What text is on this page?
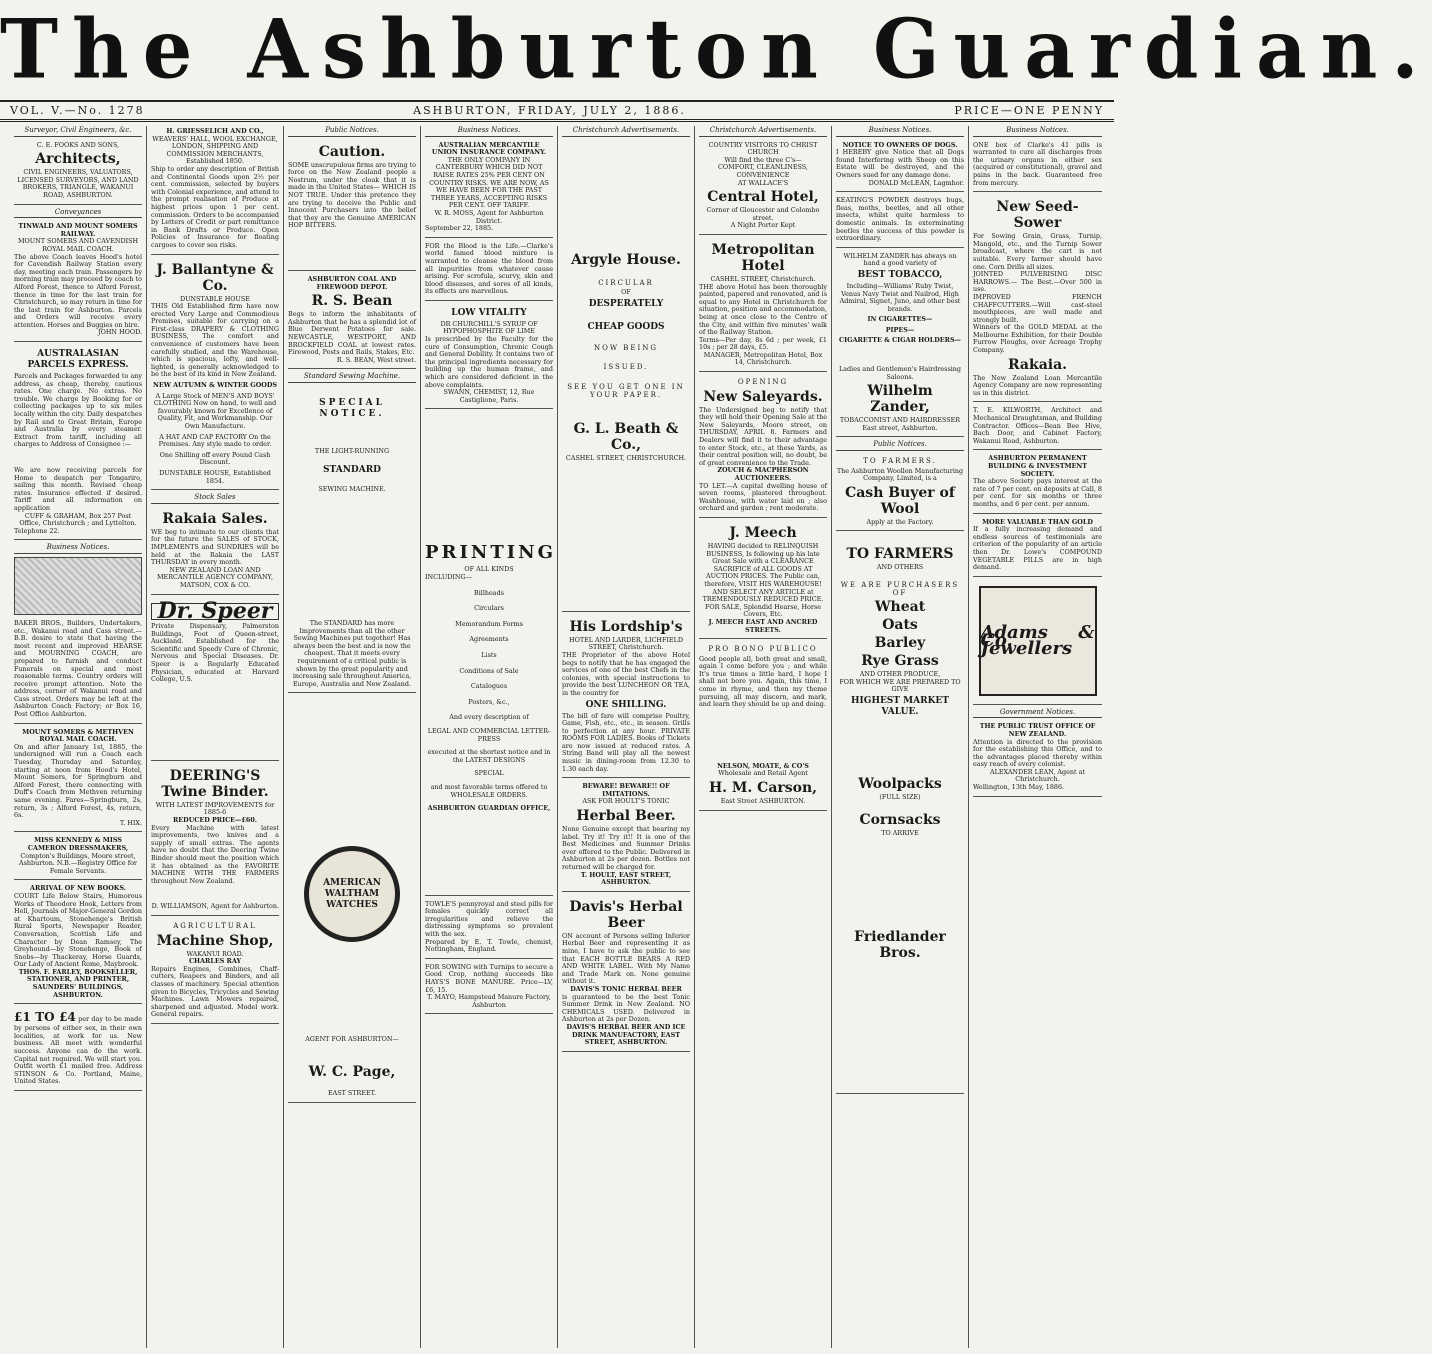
The Ashburton Guardian.
VOL. V.—No. 1278	ASHBURTON, FRIDAY, JULY 2, 1886.	PRICE—ONE PENNY
Surveyor, Civil Engineers, &c.
C. E. FOOKS AND SONS,
Architects,
CIVIL ENGINEERS, VALUATORS, LICENSED SURVEYORS, AND LAND BROKERS, TRIANGLE, WAKANUI ROAD, ASHBURTON.
Conveyances
TINWALD AND MOUNT SOMERS RAILWAY.
MOUNT SOMERS AND CAVENDISH ROYAL MAIL COACH.

The above Coach leaves Hood's hotel for Cavendish Railway Station every day, meeting each train. Passengers by morning train may proceed by coach to Alford Forest, thence to Alford Forest, thence in time for the last train for Christchurch, so may return in time for the last train for Ashburton. Parcels and Orders will receive every attention. Horses and Buggies on hire.

JOHN HOOD.
AUSTRALASIAN PARCELS EXPRESS.

Parcels and Packages forwarded to any address, as cheap, thereby, cautious rates. One charge. No extras. No trouble. We charge by Booking for or collecting packages up to six miles locally within the city. Daily despatches by Rail and to Great Britain, Europe and Australia by every steamer. Extract from tariff, including all charges to Address of Consignee :—

We are now receiving parcels for Home to despatch per Tongariro, sailing this month. Revised cheap rates. Insurance effected if desired. Tariff and all information on application

CUFF & GRAHAM, Box 257 Post Office, Christchurch ; and Lyttelton.
Telephone 22.
Business Notices.

BAKER BROS., Builders, Undertakers, etc., Wakanui road and Cass street.—B.B. desire to state that having the most recent and improved HEARSE and MOURNING COACH, are prepared to furnish and conduct Funerals on special and most reasonable terms. Country orders will receive prompt attention. Note the address, corner of Wakanui road and Cass street. Orders may be left at the Ashburton Coach Factory; or Box 16, Post Office Ashburton.

MOUNT SOMERS & METHVEN ROYAL MAIL COACH.

On and after January 1st, 1885, the undersigned will run a Coach each Tuesday, Thursday and Saturday, starting at noon from Hood's Hotel, Mount Somers, for Springburn and Alford Forest, there connecting with Duff's Coach from Methven returning same evening. Fares—Springburn, 2s, return, 3s ; Alford Forest, 4s, return, 6s.

T. HIX.
MISS KENNEDY & MISS CAMERON DRESSMAKERS,

Compton's Buildings, Moore street, Ashburton. N.B.—Registry Office for Female Servants.

ARRIVAL OF NEW BOOKS.

COURT Life Below Stairs, Humorous Works of Theodore Hook, Letters from Hell, Journals of Major-General Gordon at Khartoum, Stonehenge's British Rural Sports, Newspaper Reader, Conversation, Scottish Life and Character by Dean Ramsey, The Greyhound—by Stonehenge, Book of Snobs—by Thackeray, Horse Guards, Our Lady of Ancient Rome, Maybrook.

THOS. F. FARLEY, BOOKSELLER, STATIONER, AND PRINTER, SAUNDERS' BUILDINGS, ASHBURTON.
£1 TO £4 per day to be made by persons of either sex, in their own localities, at work for us. New business. All meet with wonderful success. Anyone can do the work. Capital not required. We will start you. Outfit worth £1 mailed free. Address STINSON & Co. Portland, Maine, United States.
H. GRIESSELICH AND CO.,
WEAVERS' HALL, WOOL EXCHANGE, LONDON, SHIPPING AND COMMISSION MERCHANTS,
Established 1850.

Ship to order any description of British and Continental Goods upon 2½ per cent. commission, selected by buyers with Colonial experience, and attend to the prompt realisation of Produce at highest prices upon 1 per cent. commission. Orders to be accompanied by Letters of Credit or part remittance in Bank Drafts or Produce. Open Policies of Insurance for floating cargoes to cover sea risks.

J. Ballantyne & Co.
DUNSTABLE HOUSE

THIS Old Established firm have now erected Very Large and Commodious Premises, suitable for carrying on a First-class DRAPERY & CLOTHING BUSINESS, The comfort and convenience of customers have been carefully studied, and the Warehouse, which is spacious, lofty, and well-lighted, is generally acknowledged to be the best of its kind in New Zealand.

NEW AUTUMN & WINTER GOODS

A Large Stock of MEN'S AND BOYS' CLOTHING Now on hand, to well and favourably known for Excellence of Quality, Fit, and Workmanship. Our Own Manufacture.

A HAT AND CAP FACTORY On the Premises. Any style made to order.

One Shilling off every Pound Cash Discount.

DUNSTABLE HOUSE, Established 1854.
Stock Sales
Rakaia Sales.

WE beg to intimate to our clients that for the future the SALES of STOCK, IMPLEMENTS and SUNDRIES will be held at the Rakaia the LAST THURSDAY in every month.

NEW ZEALAND LOAN AND MERCANTILE AGENCY COMPANY, MATSON, COX & CO.
Dr. Speer

Private Dispensary, Palmerston Buildings, Foot of Queen-street, Auckland. Established for the Scientific and Speedy Cure of Chronic, Nervous and Special Diseases. Dr. Speer is a Regularly Educated Physician, educated at Harvard College, U.S.

DEERING'S Twine Binder.
WITH LATEST IMPROVEMENTS for 1885-6
REDUCED PRICE—£60.

Every Machine with latest improvements, two knives and a supply of small extras. The agents have no doubt that the Deering Twine Binder should meet the position which it has obtained as the FAVORITE MACHINE WITH THE FARMERS throughout New Zealand.

D. WILLIAMSON, Agent for Ashburton.
AGRICULTURAL
Machine Shop,
WAKANUI ROAD.
CHARLES RAY

Repairs Engines, Combines, Chaff-cutters, Reapers and Binders, and all classes of machinery. Special attention given to Bicycles, Tricycles and Sewing Machines. Lawn Mowers repaired, sharpened and adjusted. Model work. General repairs.

Public Notices.
Caution.

SOME unscrupulous firms are trying to force on the New Zealand people a Nostrum, under the cloak that it is made in the United States— WHICH IS NOT TRUE. Under this pretence they are trying to deceive the Public and Innocent Purchasers into the belief that they are the Genuine AMERICAN HOP BITTERS.

ASHBURTON COAL AND FIREWOOD DEPOT.
R. S. Bean

Begs to inform the inhabitants of Ashburton that he has a splendid lot of Blue Derwent Potatoes for sale. NEWCASTLE, WESTPORT, AND BROCKFIELD COAL at lowest rates. Firewood, Posts and Rails, Stakes, Etc.

R. S. BEAN, West street.
Standard Sewing Machine.
SPECIAL NOTICE.
THE LIGHT-RUNNING
STANDARD
SEWING MACHINE.

The STANDARD has more Improvements than all the other Sewing Machines put together! Has always been the best and is now the cheapest. That it meets every requirement of a critical public is shown by the great popularity and increasing sale throughout America, Europe, Australia and New Zealand.

AMERICAN WALTHAM WATCHES
AGENT FOR ASHBURTON—
W. C. Page,
EAST STREET.
Business Notices.
AUSTRALIAN MERCANTILE UNION INSURANCE COMPANY.

THE ONLY COMPANY IN CANTERBURY WHICH DID NOT RAISE RATES 25% PER CENT ON COUNTRY RISKS. WE ARE NOW, AS WE HAVE BEEN FOR THE PAST THREE YEARS, ACCEPTING RISKS PER CENT. OFF TARIFF.

W. R. MOSS, Agent for Ashburton District.
September 22, 1885.

FOR the Blood is the Life.—Clarke's world famed blood mixture is warranted to cleanse the blood from all impurities from whatever cause arising. For scrofula, scurvy, skin and blood diseases, and sores of all kinds, its effects are marvellous.

LOW VITALITY
DR CHURCHILL'S SYRUP OF HYPOPHOSPHITE OF LIME

Is prescribed by the Faculty for the cure of Consumption, Chronic Cough and General Debility. It contains two of the principal ingredients necessary for building up the human frame, and which are considered deficient in the above complaints.

SWANN, CHEMIST, 12, Rue Castiglione, Paris.
PRINTING
OF ALL KINDS
INCLUDING—
Billheads
Circulars
Memorandum Forms
Agreements
Lists
Conditions of Sale
Catalogues
Posters, &c.,
And every description of
LEGAL AND COMMERCIAL LETTER-PRESS
executed at the shortest notice and in the LATEST DESIGNS
SPECIAL
and most favorable terms offered to WHOLESALE ORDERS.
ASHBURTON GUARDIAN OFFICE,

TOWLE'S pennyroyal and steel pills for females quickly correct all irregularities and relieve the distressing symptoms so prevalent with the sex.

Prepared by E. T. Towle, chemist, Nottingham, England.

FOR SOWING with Turnips to secure a Good Crop, nothing succeeds like HAYS'S BONE MANURE. Price—LV, £6, 15.

T. MAYO, Hampstead Manure Factory, Ashburton
Christchurch Advertisements.
Argyle House.
CIRCULAR
OF
DESPERATELY
CHEAP GOODS
NOW BEING
ISSUED.
SEE YOU GET ONE IN YOUR PAPER.
G. L. Beath & Co.,
CASHEL STREET, CHRISTCHURCH.
His Lordship's
HOTEL AND LARDER, LICHFIELD STREET, Christchurch.

THE Proprietor of the above Hotel begs to notify that he has engaged the services of one of the best Chefs in the colonies, with special instructions to provide the best LUNCHEON OR TEA, in the country for

ONE SHILLING.

The bill of fare will comprise Poultry, Game, Fish, etc., etc., in season. Grills to perfection at any hour. PRIVATE ROOMS FOR LADIES. Books of Tickets are now issued at reduced rates. A String Band will play all the newest music in dining-room from 12.30 to 1.30 each day.

BEWARE! BEWARE!! OF IMITATIONS.
ASK FOR HOULT'S TONIC
Herbal Beer.

None Genuine except that bearing my label. Try it! Try it!! It is one of the Best Medicines and Summer Drinks ever offered to the Public. Delivered in Ashburton at 2s per dozen. Bottles not returned will be charged for.

T. HOULT, EAST STREET, ASHBURTON.
Davis's Herbal Beer

ON account of Persons selling Inferior Herbal Beer and representing it as mine, I have to ask the public to see that EACH BOTTLE BEARS A RED AND WHITE LABEL. With My Name and Trade Mark on. None genuine without it.

DAVIS'S TONIC HERBAL BEER

is guaranteed to be the best Tonic Summer Drink in New Zealand. NO CHEMICALS USED. Delivered in Ashburton at 2s per Dozen.

DAVIS'S HERBAL BEER AND ICE DRINK MANUFACTORY, EAST STREET, ASHBURTON.
Christchurch Advertisements.
COUNTRY VISITORS TO CHRIST CHURCH
Will find the three C's—
COMFORT, CLEANLINESS, CONVENIENCE
AT WALLACE'S
Central Hotel,
Corner of Gloucester and Colombo street.
A Night Porter Kept
Metropolitan Hotel
CASHEL STREET, Christchurch.

THE above Hotel has been thoroughly painted, papered and renovated, and is equal to any Hotel in Christchurch for situation, position and accommodation, being at once close to the Centre of the City, and within five minutes' walk of the Railway Station.

Terms—Per day, 8s 6d ; per week, £1 10s ; per 28 days, £5.

MANAGER, Metropolitan Hotel, Box 14, Christchurch.
OPENING
New Saleyards.

The Undersigned beg to notify that they will hold their Opening Sale at the New Saleyards, Moore street, on THURSDAY, APRIL 8. Farmers and Dealers will find it to their advantage to enter Stock, etc., at these Yards, as their central position will, no doubt, be of great convenience to the Trade.

ZOUCH & MACPHERSON AUCTIONEERS.

TO LET.—A capital dwelling house of seven rooms, plastered throughout. Washhouse, with water laid on ; also orchard and garden ; rent moderate.

J. Meech

HAVING decided to RELINQUISH BUSINESS, Is following up his late Great Sale with a CLEARANCE SACRIFICE of ALL GOODS AT AUCTION PRICES. The Public can, therefore, VISIT HIS WAREHOUSE! AND SELECT ANY ARTICLE at TREMENDOUSLY REDUCED PRICE.

FOR SALE, Splendid Hearse, Horse Covers, Etc.

J. MEECH EAST AND ANCRED STREETS.
PRO BONO PUBLICO

Good people all, both great and small, again I come before you ; and while It's true times a little hard, I hope I shall not bore you. Again, this time, I come in rhyme, and then my theme pursuing, all may discern, and mark, and learn they should be up and doing.

NELSON, MOATE, & CO'S
Wholesale and Retail Agent
H. M. Carson,
East Street ASHBURTON.
Business Notices.
NOTICE TO OWNERS OF DOGS.

I HEREBY give Notice that all Dogs found Interfering with Sheep on this Estate will be destroyed, and the Owners sued for any damage done.

DONALD McLEAN, Lagmhor.

KEATING'S POWDER destroys bugs, fleas, moths, beetles, and all other insects, whilst quite harmless to domestic animals. In exterminating beetles the success of this powder is extraordinary.

WILHELM ZANDER has always on hand a good variety of

BEST TOBACCO,

Including—Williams' Ruby Twist, Venus Navy Twist and Nailrod, High Admiral, Signet, Juno, and other best brands.

IN CIGARETTES—
PIPES—
CIGARETTE & CIGAR HOLDERS—
Ladies and Gentlemen's Hairdressing Saloons.
Wilhelm Zander,
TOBACCONIST AND HAIRDRESSER
East street, Ashburton.
Public Notices.
TO FARMERS.

The Ashburton Woollen Manufacturing Company, Limited, is a

Cash Buyer of Wool
Apply at the Factory.
TO FARMERS
AND OTHERS
WE ARE PURCHASERS OF
Wheat
Oats
Barley
Rye Grass
AND OTHER PRODUCE,
FOR WHICH WE ARE PREPARED TO GIVE
HIGHEST MARKET VALUE.
Woolpacks
(FULL SIZE)
Cornsacks
TO ARRIVE
Friedlander Bros.
Business Notices.

ONE box of Clarke's 41 pills is warranted to cure all discharges from the urinary organs in either sex (acquired or constitutional), gravel and pains in the back. Guaranteed free from mercury.

New Seed-Sower

For Sowing Grain, Grass, Turnip, Mangold, etc., and the Turnip Sower broadcast, where the cart is not suitable. Every farmer should have one. Corn Drills all sizes.

JOINTED PULVERISING DISC HARROWS.— The Best.—Over 500 in use.

IMPROVED FRENCH CHAFFCUTTERS.—Will cast-steel mouthpieces, are well made and strongly built.

Winners of the GOLD MEDAL at the Melbourne Exhibition, for their Double Furrow Ploughs, over Acreage Trophy Company.

Rakaia.

The New Zealand Loan Mercantile Agency Company are now representing us in this district.

T. E. KILWORTH, Architect and Mechanical Draughtsman, and Building Contractor. Offices—Bean Bee Hive, Bach Door, and Cabinet Factory, Wakanui Road, Ashburton.

ASHBURTON PERMANENT BUILDING & INVESTMENT SOCIETY.

The above Society pays interest at the rate of 7 per cent. on deposits at Call, 8 per cent. for six months or three months, and 6 per cent. per annum.

MORE VALUABLE THAN GOLD

If a fully increasing demand and endless sources of testimonials are criterion of the popularity of an article then Dr. Lowe's COMPOUND VEGETABLE PILLS are in high demand.

Adams & Co. Jewellers
Government Notices.
THE PUBLIC TRUST OFFICE OF NEW ZEALAND.

Attention is directed to the provision for the establishing this Office, and to the advantages placed thereby within easy reach of every colonist.

ALEXANDER LEAN, Agent at Christchurch.
Wellington, 13th May, 1886.
